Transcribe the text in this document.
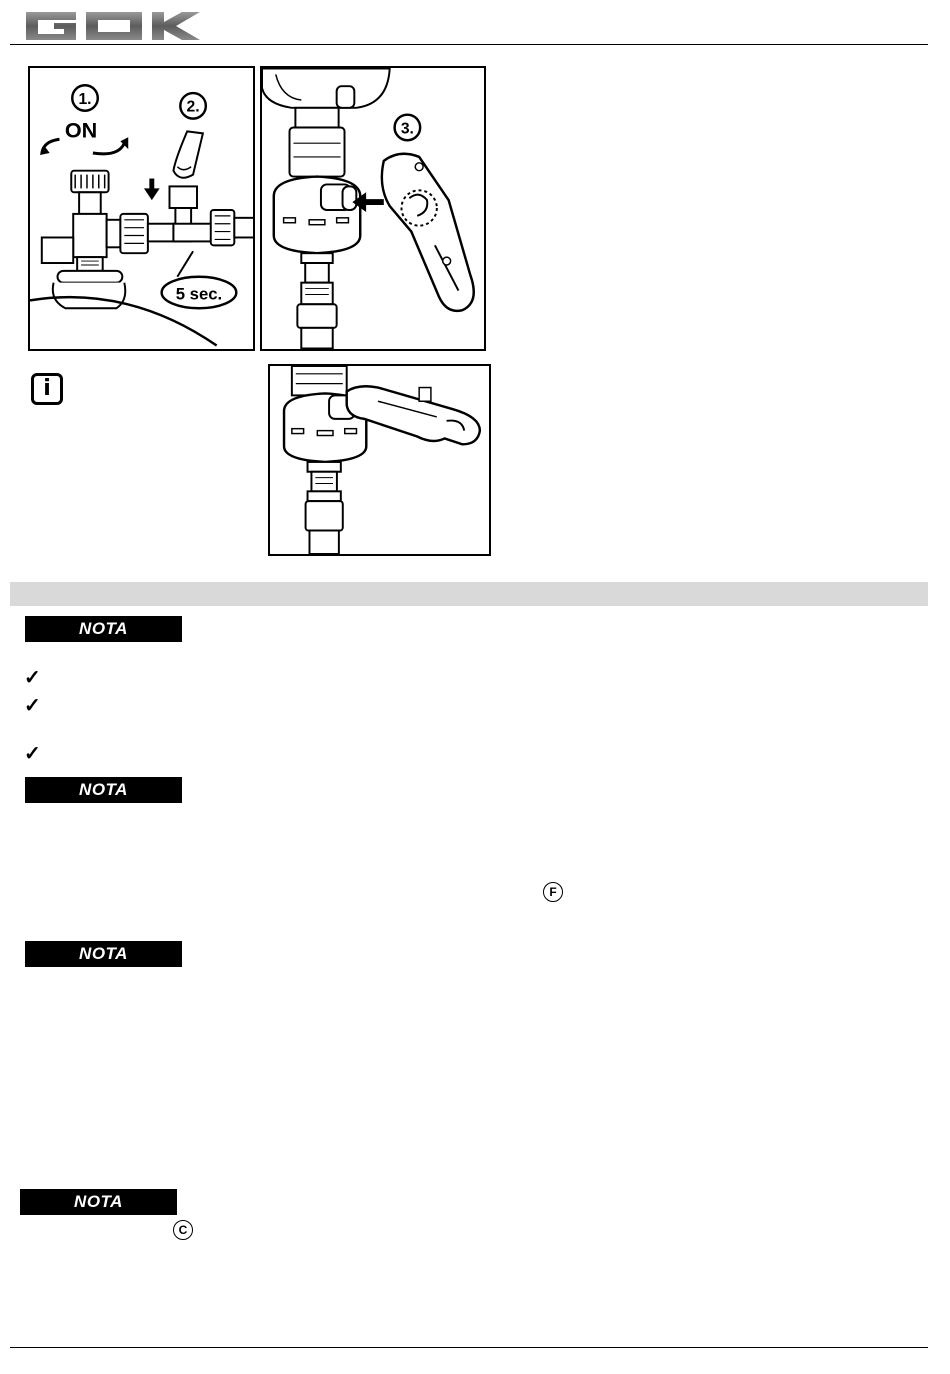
1.
ON
2.
5 sec.
3.
i
NOTA
✓
✓
✓
NOTA
F
NOTA
NOTA
C
